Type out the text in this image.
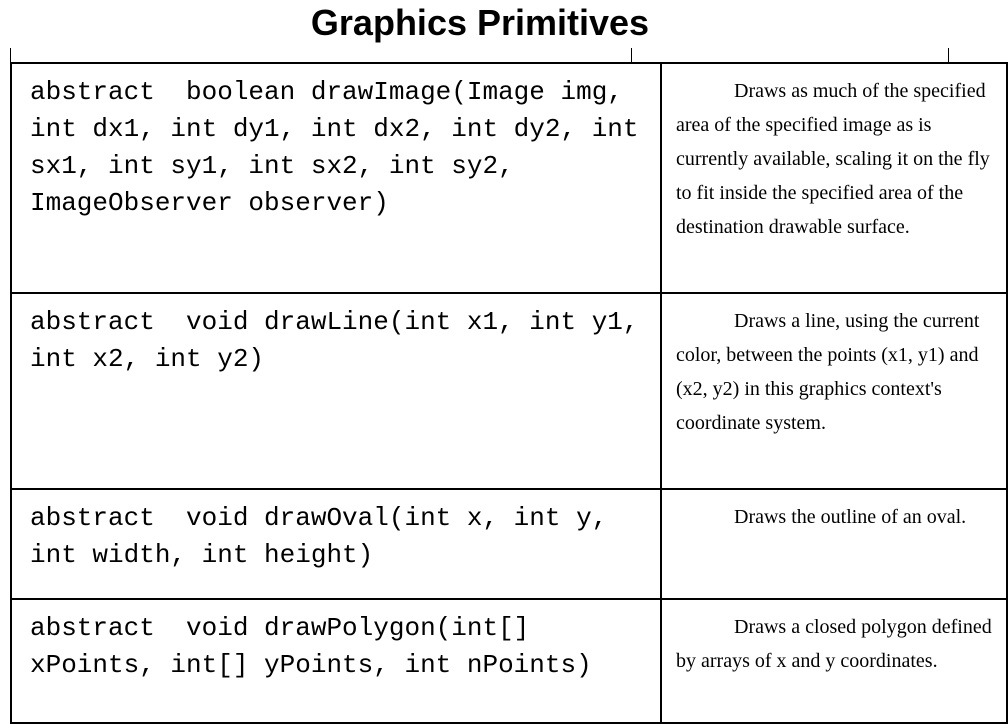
Graphics Primitives
abstract  boolean drawImage(Image img, int dx1, int dy1, int dx2, int dy2, int sx1, int sy1, int sx2, int sy2, ImageObserver observer)	Draws as much of the specified area of the specified image as is currently available, scaling it on the fly to fit inside the specified area of the destination drawable surface.
abstract  void drawLine(int x1, int y1, int x2, int y2)	Draws a line, using the current color, between the points (x1, y1) and (x2, y2) in this graphics context's coordinate system.
abstract  void drawOval(int x, int y, int width, int height)	Draws the outline of an oval.
abstract  void drawPolygon(int[] xPoints, int[] yPoints, int nPoints)	Draws a closed polygon defined by arrays of x and y coordinates.
